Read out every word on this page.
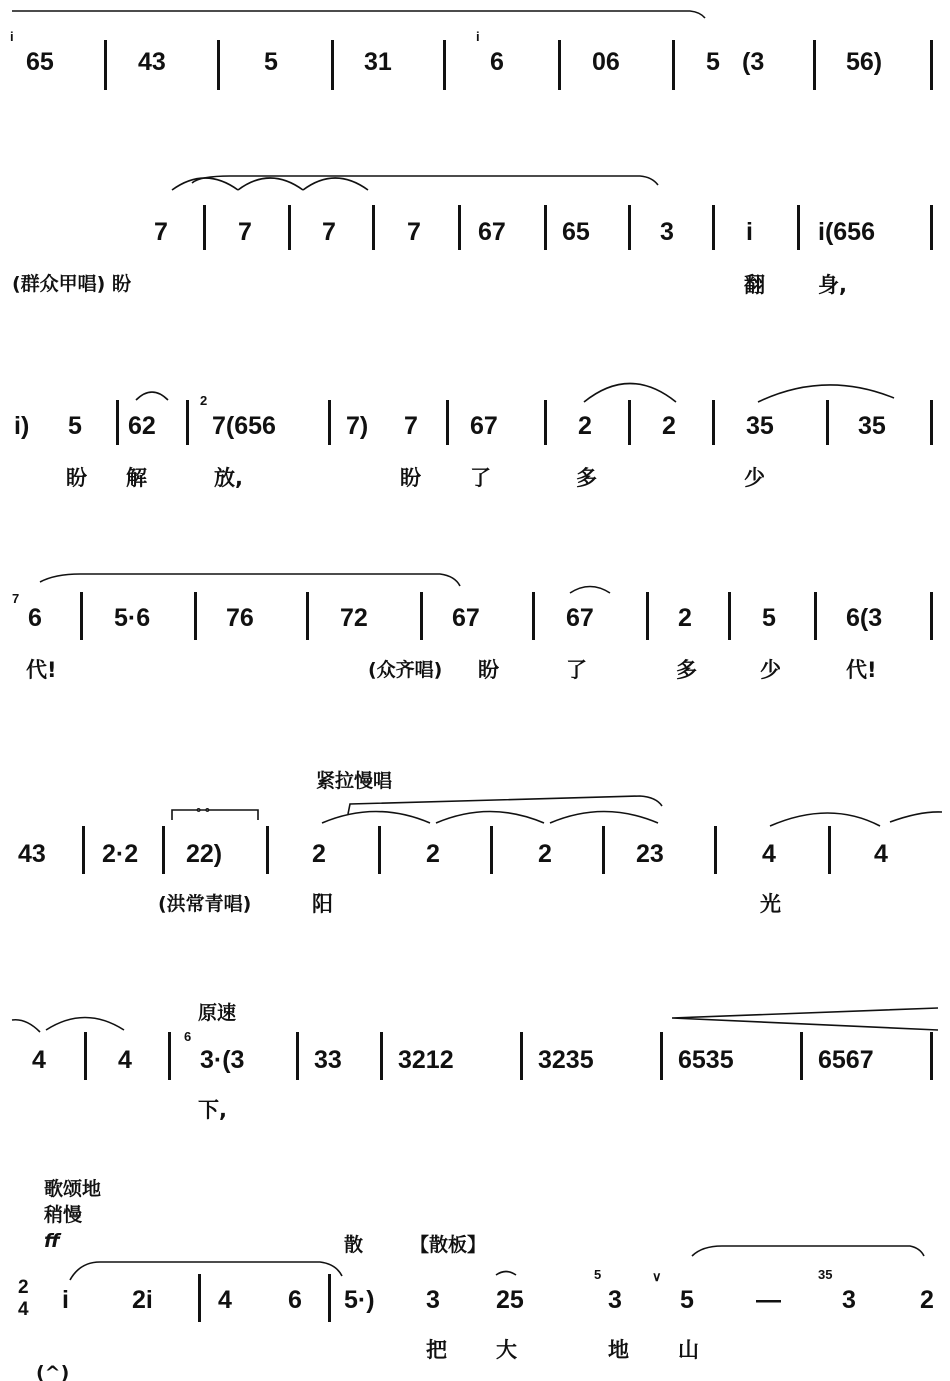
i
65	43	5	31
i
6	06	5 (3	56)
7	7	7	7 67 65	3	i	i(656
(群众甲唱) 盼	翻	身,
i) 5 62
2
7(656	7) 7 67	2	2	35	35
盼 解	放,	盼 了	多	少
7
6	5·6	76	72	67	67	2	5	6(3
代!	(众齐唱) 盼	了	多	少	代!
紧拉慢唱
° °
43 2·2 22)	2	2	2	23	4	4
(洪常青唱)	阳	光
原速
4	4
6
3·(3	33 3212	3235	6535	6567
下,
歌颂地
稍慢
ff	散 【散板】
2
4 i	2i	4 6 5·) 3 25
5
3
∨
5 —
35
3	2
把 大	地 山
(^)
